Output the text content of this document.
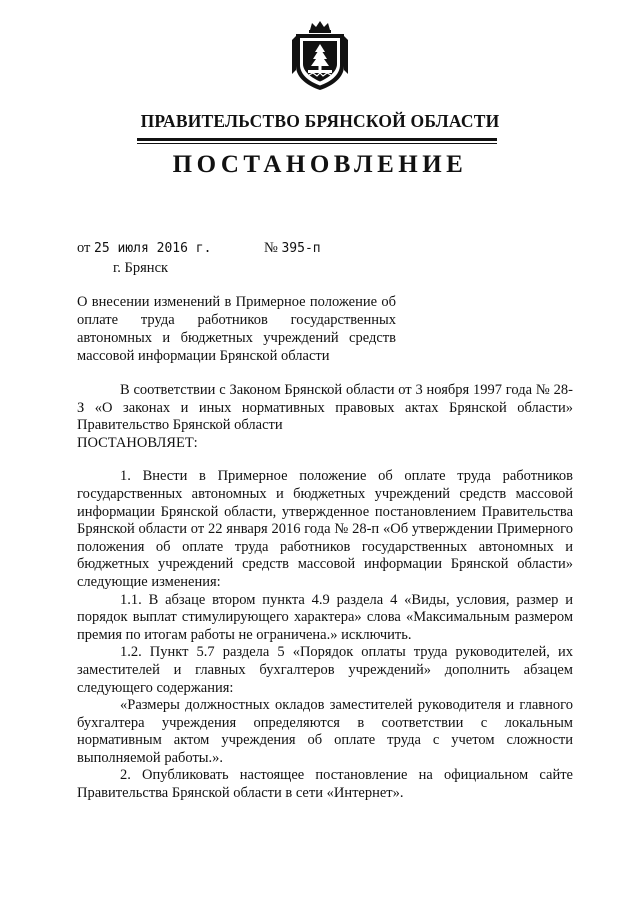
ПРАВИТЕЛЬСТВО БРЯНСКОЙ ОБЛАСТИ
ПОСТАНОВЛЕНИЕ
от 25 июля 2016 г.	№ 395-п
г. Брянск
О внесении изменений в Примерное положение об оплате труда работников государственных автономных и бюджетных учреждений средств массовой информации Брянской области

В соответствии с Законом Брянской области от 3 ноября 1997 года № 28-З «О законах и иных нормативных правовых актах Брянской области» Правительство Брянской области

ПОСТАНОВЛЯЕТ:

1. Внести в Примерное положение об оплате труда работников государственных автономных и бюджетных учреждений средств массовой информации Брянской области, утвержденное постановлением Правительства Брянской области от 22 января 2016 года № 28-п «Об утверждении Примерного положения об оплате труда работников государственных автономных и бюджетных учреждений средств массовой информации Брянской области» следующие изменения:

1.1. В абзаце втором пункта 4.9 раздела 4 «Виды, условия, размер и порядок выплат стимулирующего характера» слова «Максимальным размером премия по итогам работы не ограничена.» исключить.

1.2. Пункт 5.7 раздела 5 «Порядок оплаты труда руководителей, их заместителей и главных бухгалтеров учреждений» дополнить абзацем следующего содержания:

«Размеры должностных окладов заместителей руководителя и главного бухгалтера учреждения определяются в соответствии с локальным нормативным актом учреждения об оплате труда с учетом сложности выполняемой работы.».

2. Опубликовать настоящее постановление на официальном сайте Правительства Брянской области в сети «Интернет».
